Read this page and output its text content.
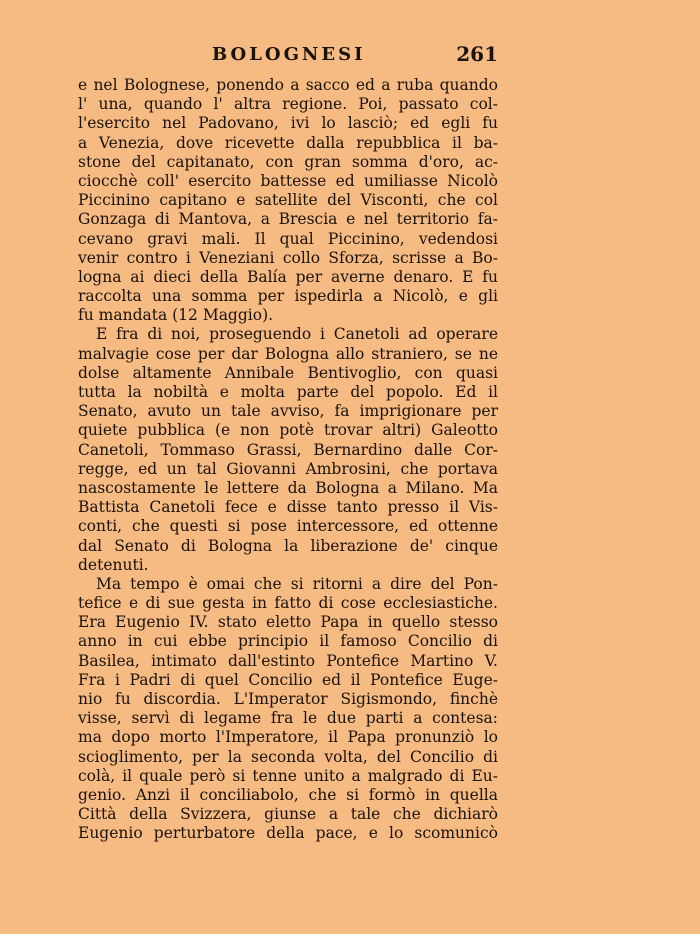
BOLOGNESI	261
e nel Bolognese, ponendo a sacco ed a ruba quando
l' una, quando l' altra regione. Poi, passato col-
l'esercito nel Padovano, ivi lo lasciò; ed egli fu
a Venezia, dove ricevette dalla repubblica il ba-
stone del capitanato, con gran somma d'oro, ac-
ciocchè coll' esercito battesse ed umiliasse Nicolò
Piccinino capitano e satellite del Visconti, che col
Gonzaga di Mantova, a Brescia e nel territorio fa-
cevano gravi mali. Il qual Piccinino, vedendosi
venir contro i Veneziani collo Sforza, scrisse a Bo-
logna ai dieci della Balía per averne denaro. E fu
raccolta una somma per ispedirla a Nicolò, e gli
fu mandata (12 Maggio).
E fra di noi, proseguendo i Canetoli ad operare
malvagie cose per dar Bologna allo straniero, se ne
dolse altamente Annibale Bentivoglio, con quasi
tutta la nobiltà e molta parte del popolo. Ed il
Senato, avuto un tale avviso, fa imprigionare per
quiete pubblica (e non potè trovar altri) Galeotto
Canetoli, Tommaso Grassi, Bernardino dalle Cor-
regge, ed un tal Giovanni Ambrosini, che portava
nascostamente le lettere da Bologna a Milano. Ma
Battista Canetoli fece e disse tanto presso il Vis-
conti, che questi si pose intercessore, ed ottenne
dal Senato di Bologna la liberazione de' cinque
detenuti.
Ma tempo è omai che si ritorni a dire del Pon-
tefice e di sue gesta in fatto di cose ecclesiastiche.
Era Eugenio IV. stato eletto Papa in quello stesso
anno in cui ebbe principio il famoso Concilio di
Basilea, intimato dall'estinto Pontefice Martino V.
Fra i Padri di quel Concilio ed il Pontefice Euge-
nio fu discordia. L'Imperator Sigismondo, finchè
visse, servì di legame fra le due parti a contesa:
ma dopo morto l'Imperatore, il Papa pronunziò lo
scioglimento, per la seconda volta, del Concilio di
colà, il quale però si tenne unito a malgrado di Eu-
genio. Anzi il conciliabolo, che si formò in quella
Città della Svizzera, giunse a tale che dichiarò
Eugenio perturbatore della pace, e lo scomunicò
